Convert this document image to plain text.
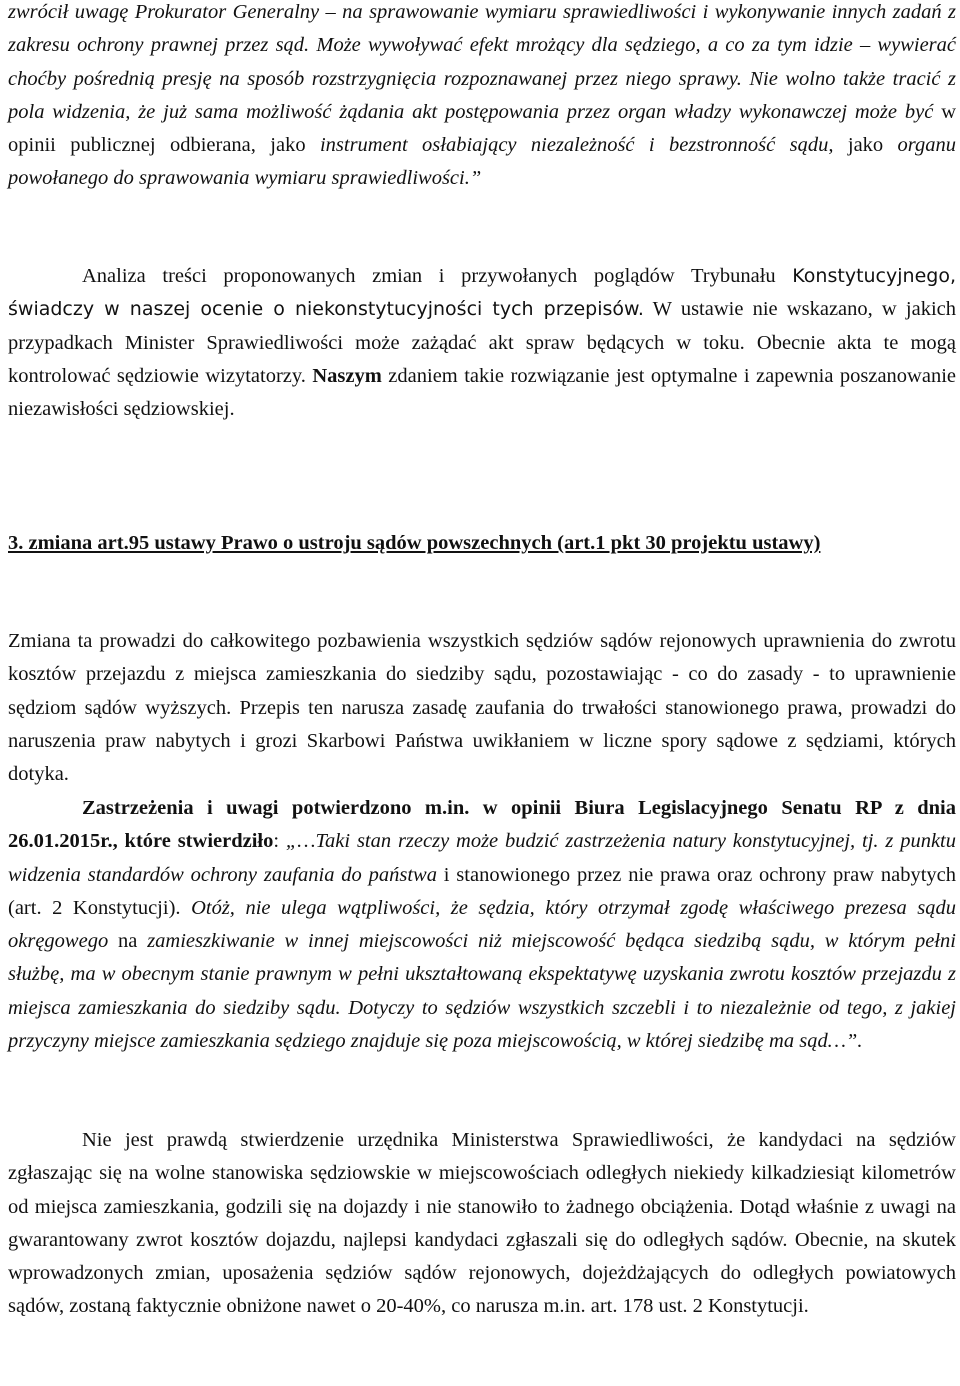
zwrócił uwagę Prokurator Generalny – na sprawowanie wymiaru sprawiedliwości i wykonywanie innych zadań z zakresu ochrony prawnej przez sąd. Może wywoływać efekt mrożący dla sędziego, a co za tym idzie – wywierać choćby pośrednią presję na sposób rozstrzygnięcia rozpoznawanej przez niego sprawy. Nie wolno także tracić z pola widzenia, że już sama możliwość żądania akt postępowania przez organ władzy wykonawczej może być w opinii publicznej odbierana, jako instrument osłabiający niezależność i bezstronność sądu, jako organu powołanego do sprawowania wymiaru sprawiedliwości.”

Analiza treści proponowanych zmian i przywołanych poglądów Trybunału Konstytucyjnego, świadczy w naszej ocenie o niekonstytucyjności tych przepisów. W ustawie nie wskazano, w jakich przypadkach Minister Sprawiedliwości może zażądać akt spraw będących w toku. Obecnie akta te mogą kontrolować sędziowie wizytatorzy. Naszym zdaniem takie rozwiązanie jest optymalne i zapewnia poszanowanie niezawisłości sędziowskiej.

3. zmiana art.95 ustawy Prawo o ustroju sądów powszechnych (art.1 pkt 30 projektu ustawy)

Zmiana ta prowadzi do całkowitego pozbawienia wszystkich sędziów sądów rejonowych uprawnienia do zwrotu kosztów przejazdu z miejsca zamieszkania do siedziby sądu, pozostawiając - co do zasady - to uprawnienie sędziom sądów wyższych. Przepis ten narusza zasadę zaufania do trwałości stanowionego prawa, prowadzi do naruszenia praw nabytych i grozi Skarbowi Państwa uwikłaniem w liczne spory sądowe z sędziami, których dotyka.

Zastrzeżenia i uwagi potwierdzono m.in. w opinii Biura Legislacyjnego Senatu RP z dnia 26.01.2015r., które stwierdziło: „…Taki stan rzeczy może budzić zastrzeżenia natury konstytucyjnej, tj. z punktu widzenia standardów ochrony zaufania do państwa i stanowionego przez nie prawa oraz ochrony praw nabytych (art. 2 Konstytucji). Otóż, nie ulega wątpliwości, że sędzia, który otrzymał zgodę właściwego prezesa sądu okręgowego na zamieszkiwanie w innej miejscowości niż miejscowość będąca siedzibą sądu, w którym pełni służbę, ma w obecnym stanie prawnym w pełni ukształtowaną ekspektatywę uzyskania zwrotu kosztów przejazdu z miejsca zamieszkania do siedziby sądu. Dotyczy to sędziów wszystkich szczebli i to niezależnie od tego, z jakiej przyczyny miejsce zamieszkania sędziego znajduje się poza miejscowością, w której siedzibę ma sąd…”.

Nie jest prawdą stwierdzenie urzędnika Ministerstwa Sprawiedliwości, że kandydaci na sędziów zgłaszając się na wolne stanowiska sędziowskie w miejscowościach odległych niekiedy kilkadziesiąt kilometrów od miejsca zamieszkania, godzili się na dojazdy i nie stanowiło to żadnego obciążenia. Dotąd właśnie z uwagi na gwarantowany zwrot kosztów dojazdu, najlepsi kandydaci zgłaszali się do odległych sądów. Obecnie, na skutek wprowadzonych zmian, uposażenia sędziów sądów rejonowych, dojeżdżających do odległych powiatowych sądów, zostaną faktycznie obniżone nawet o 20-40%, co narusza m.in. art. 178 ust. 2 Konstytucji.
